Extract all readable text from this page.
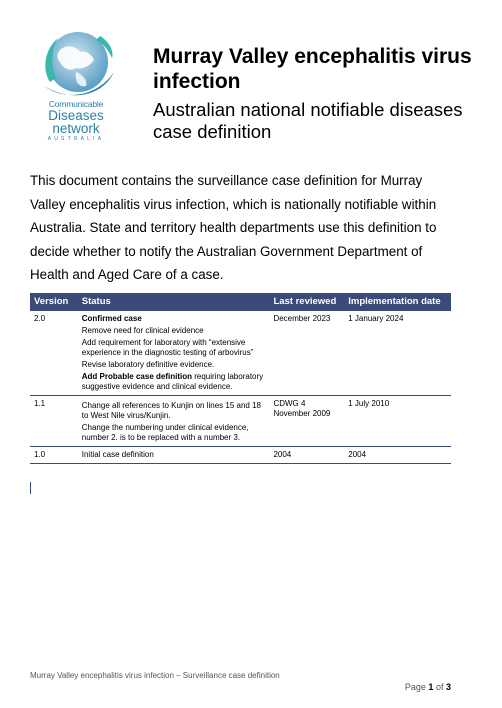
Communicable
Diseases
network
AUSTRALIA
Murray Valley encephalitis virus infection
Australian national notifiable diseases case definition

This document contains the surveillance case definition for Murray Valley encephalitis virus infection, which is nationally notifiable within Australia. State and territory health departments use this definition to decide whether to notify the Australian Government Department of Health and Aged Care of a case.

Version	Status	Last reviewed	Implementation date
2.0	Confirmed case
Remove need for clinical evidence
Add requirement for laboratory with “extensive experience in the diagnostic testing of arbovirus”
Revise laboratory definitive evidence.
Add Probable case definition requiring laboratory suggestive evidence and clinical evidence.	December 2023	1 January 2024
1.1	Change all references to Kunjin on lines 15 and 18 to West Nile virus/Kunjin.
Change the numbering under clinical evidence, number 2. is to be replaced with a number 3.	CDWG 4 November 2009	1 July 2010
1.0	Initial case definition	2004	2004
Murray Valley encephalitis virus infection – Surveillance case definition
Page 1 of 3
